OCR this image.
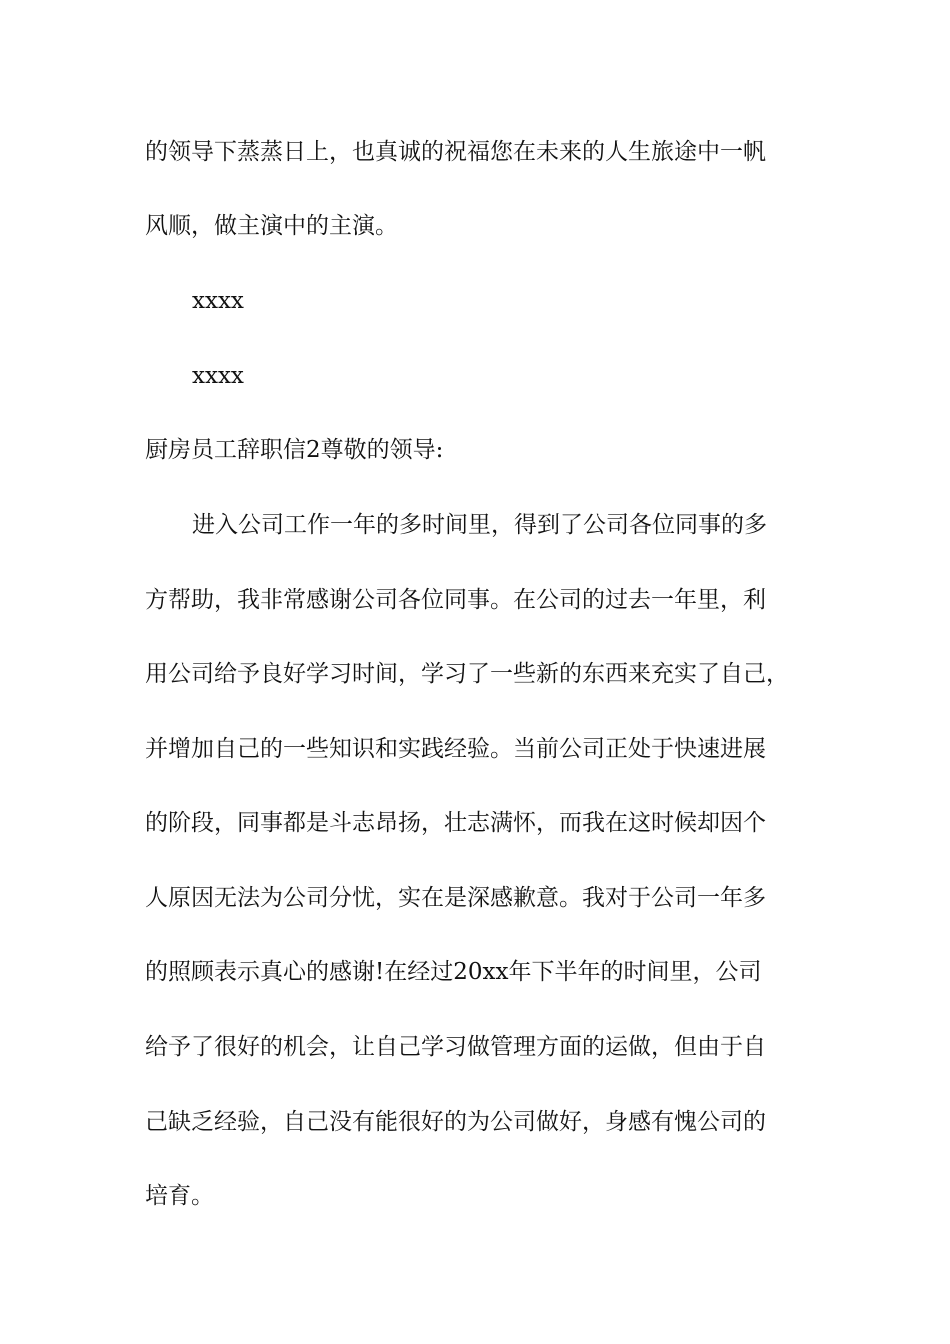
的领导下蒸蒸日上，也真诚的祝福您在未来的人生旅途中一帆
风顺，做主演中的主演。
xxxx
xxxx
厨房员工辞职信2尊敬的领导:
进入公司工作一年的多时间里，得到了公司各位同事的多
方帮助，我非常感谢公司各位同事。在公司的过去一年里，利
用公司给予良好学习时间，学习了一些新的东西来充实了自己，
并增加自己的一些知识和实践经验。当前公司正处于快速进展
的阶段，同事都是斗志昂扬，壮志满怀，而我在这时候却因个
人原因无法为公司分忧，实在是深感歉意。我对于公司一年多
的照顾表示真心的感谢!在经过20xx年下半年的时间里，公司
给予了很好的机会，让自己学习做管理方面的运做，但由于自
己缺乏经验，自己没有能很好的为公司做好，身感有愧公司的
培育。
